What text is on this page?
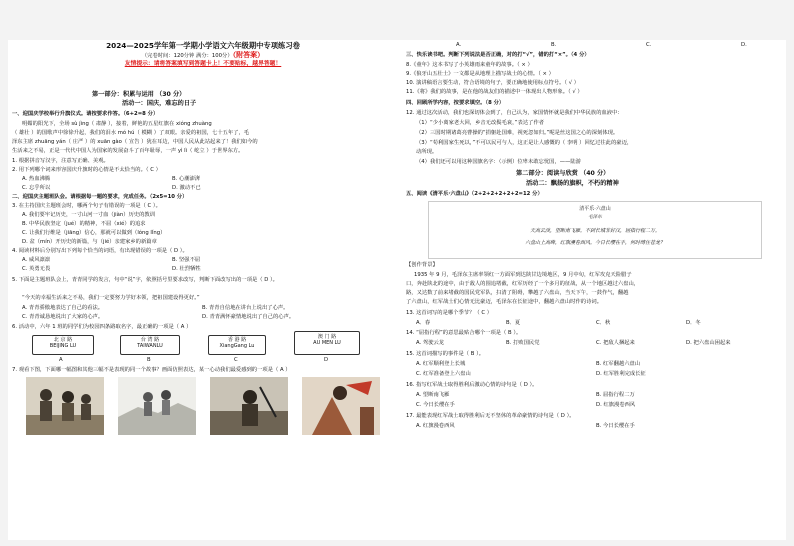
2024—2025学年第一学期小学语文六年级期中专项练习卷
（完卷时间：120分钟 满分：100分）（附答案）
友情提示：请将答案填写到答题卡上！不要贴标，越界答题！
第一部分：积累与运用 （30 分）
活动一：国庆，难忘的日子
一、迎国庆学校举行升旗仪式。请按要求作答。（6+2=8 分）
明媚的阳光下，全场 sù jìng（ 肃静 ），接着，鲜艳的五星红旗在 xióng zhuàng
（ 雄壮 ）的国歌声中徐徐升起，我们的泪水 mó hú（ 模糊 ）了双眼。亲爱的祖国，七十五年了，毛
泽东主席 zhuāng yán（ 庄严 ）的 xuān gào（ 宣告 ）犹在耳边，中国人民从此站起来了！我们如今的
生活来之不易，正是一代代中国人为国家的发展奋斗了百年耻辱，一声 yì lì（ 屹立 ）于世界东方。
1. 根据拼音写汉字，注意写正确、美观。
2. 用下列哪个词来形容国庆升旗时的心情是不太恰当的。（ C ）
A. 热血沸腾	B. 心潮澎湃
C. 忘乎所以	D. 激动不已
二、迎国庆主题班队会。请根据每一题的要求，完成任务。（2x5=10 分）
3. 在主持国庆主题班会时，哪两个句子有错误的一项是（ C ）。
A. 我们要牢记历史，一寸山河一寸血（jiàn）历史的教训
B. 中华民族坚定（jué）的精神，不屈（xié）的追求
C. 让我们行维是（jiāng）信心，那就可以做到（lóng lǐng）
D. 盆（mín）开历史的新篇，与（jié）亲建家乡的新篇章
4. 阅读材料后分别写出下列每个恰当的词语，有出现错误的一项是（ D ）。
A. 威风凛凛	B. 坚强不屈
C. 英勇无畏	D. 壮烈牺牲
5. 下面是主题班队会上，青青同学的发言，句中“说”字，依照括号里要求改写，判断下面改写出的一项是（ D ）。
“今天的幸福生活来之不易，我们一定要努力学好本领，把祖国建设得更好。”
A. 青青骄傲地表达了自己的看法。	B. 青青自信地在讲台上说出了心声。
C. 青青诚恳地说出了大家的心声。	D. 青青满怀豪情地说出了自己的心声。
6. 活动中，六年 1 班的同学们为校园四条路取名字，最正确的一项是（ A ）
北 京 路
BEIJING LU
台 湾 路
TAIWANLU
香 港 路
XiangGang Lu
澳 门 路
AU MEN LU
A	B	C	D
7. 观看下图，下面哪一幅图和其他三幅不是表现的同一个故事？画面仿照表达，某一心动我们最爱感到的一项是（ A ）
A.	B.	C.	D.
三、快乐读书吧。判断下列说法是否正确，对的打“√”，错的打“×”。（4 分）
8.《童年》这本书写了小英雄雨来童年的故事。（ × ）
9.《狼牙山五壮士》一文都是从地理上描写战士的心情。（ × ）
10. 演讲稿语言要生动，符合语境的句子，要正确地使用标点符号。（ √ ）
11.《将》我们的故事，是在他的战友们的描述中一体现出人物形象。（ √ ）
四、回顾所学内容，按要求填空。（8 分）
12. 通过这次活动，我们也深切体会到了，自己认为，家国情怀就是我们中华民族的血液中：
（1）“少小离家老大回，乡音无改鬓毛衰，”表达了作者
（2）三国时期诸葛亮曹操的“捐躯赴国难，视死忽如归。”呢是丝这国之心的深刻体现。
（3）“苟利国家生死以，”不可以民可与人，这正是让人感慨的（ 李明 ）回忆过往此的豪迈，
动所现。
（4）我们还可以用这种国旗名字：（示例）位卑未敢忘忧国，——陆游
第二部分：阅读与欣赏 （40 分）
活动二：飘扬的旗帜，不朽的精神
五、阅读《清平乐·六盘山》（2+2+2+2+2+2=12 分）
清平乐·六盘山
毛泽东
天高云淡，望断南飞雁。不到长城非好汉，屈指行程二万。
六盘山上高峰，红旗漫卷西风。今日长缨在手，何时缚住苍龙？
【创作背景】
1935 年 9 月，毛泽东主席率领红一方面军到达陕甘边境地区，9 月中旬，红军攻克天险腊子
口，奔赴陕北的途中，由于敌人的围追堵截，红军历经了一个多月的征战，从一个地区越过六盘山，
路，又达数了前来堵截的国民党军队，扫清了阻碍，攀越了六盘山，当天下午，一鼓作气，翻越
了六盘山，红军战士们心情无比豪迈，毛泽东在长征途中，翻越六盘山时作的诗词。
13. 这首词写的是哪个季节？（ C ）
A．春	B．夏	C．秋	D．冬
14. “屈指行程”的意思最贴合哪个一项是（ B ）。
A. 驾驶云龙	B. 打败国民党	C. 把敌人捆起来	D. 把六盘山困起来
15. 这首词描写的事件是（ B ）。
A. 红军顺利登上长城	B. 红军翻越六盘山
C. 红军准备登上六盘山	D. 红军胜利完成长征
16. 指写红军战士取得胜利后激动心情的诗句是（ D ）。
A. 望断南飞雁	B. 屈指行程二万
C. 今日长缨在手	D. 红旗漫卷西风
17. 最能表现红军战士取得胜利后无不坚休的革命豪情的诗句是（ D ）。
A. 红旗漫卷西风	B. 今日长缨在手
